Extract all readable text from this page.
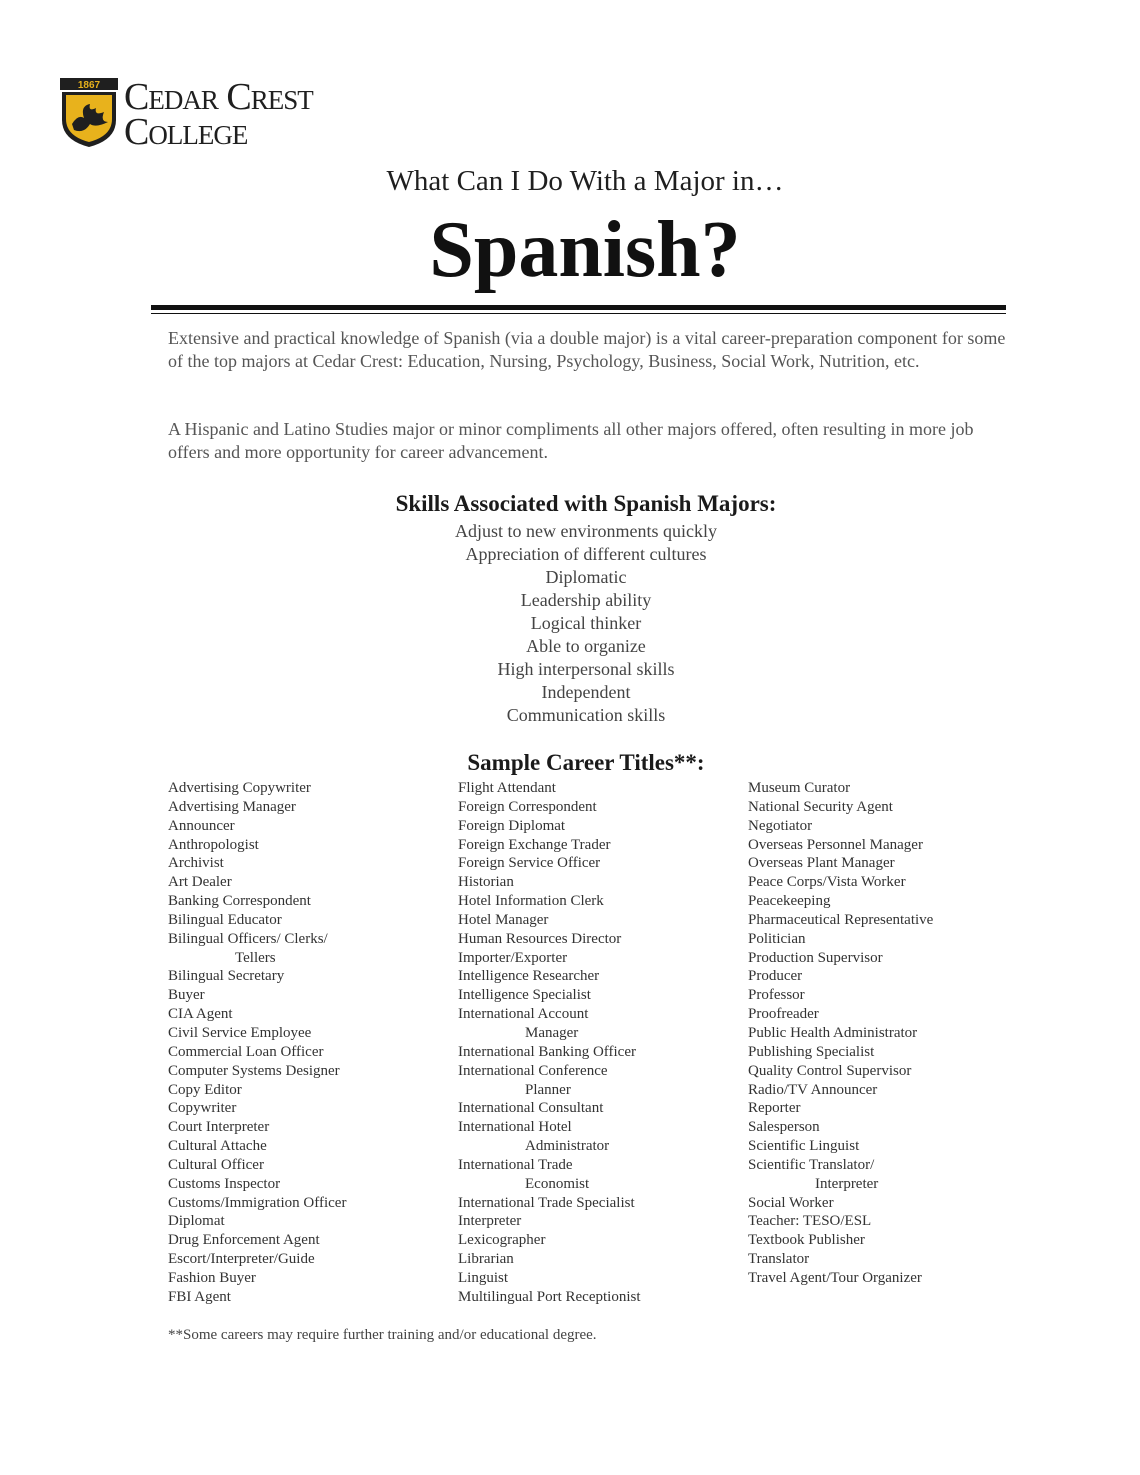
1867 Cedar Crest
College
What Can I Do With a Major in…
Spanish?

Extensive and practical knowledge of Spanish (via a double major) is a vital career-preparation component for some of the top majors at Cedar Crest: Education, Nursing, Psychology, Business, Social Work, Nutrition, etc.

A Hispanic and Latino Studies major or minor compliments all other majors offered, often resulting in more job offers and more opportunity for career advancement.

Skills Associated with Spanish Majors:
Adjust to new environments quickly
Appreciation of different cultures
Diplomatic
Leadership ability
Logical thinker
Able to organize
High interpersonal skills
Independent
Communication skills
Sample Career Titles**:
Advertising Copywriter
Advertising Manager
Announcer
Anthropologist
Archivist
Art Dealer
Banking Correspondent
Bilingual Educator
Bilingual Officers/ Clerks/
Tellers
Bilingual Secretary
Buyer
CIA Agent
Civil Service Employee
Commercial Loan Officer
Computer Systems Designer
Copy Editor
Copywriter
Court Interpreter
Cultural Attache
Cultural Officer
Customs Inspector
Customs/Immigration Officer
Diplomat
Drug Enforcement Agent
Escort/Interpreter/Guide
Fashion Buyer
FBI Agent
Flight Attendant
Foreign Correspondent
Foreign Diplomat
Foreign Exchange Trader
Foreign Service Officer
Historian
Hotel Information Clerk
Hotel Manager
Human Resources Director
Importer/Exporter
Intelligence Researcher
Intelligence Specialist
International Account
Manager
International Banking Officer
International Conference
Planner
International Consultant
International Hotel
Administrator
International Trade
Economist
International Trade Specialist
Interpreter
Lexicographer
Librarian
Linguist
Multilingual Port Receptionist
Museum Curator
National Security Agent
Negotiator
Overseas Personnel Manager
Overseas Plant Manager
Peace Corps/Vista Worker
Peacekeeping
Pharmaceutical Representative
Politician
Production Supervisor
Producer
Professor
Proofreader
Public Health Administrator
Publishing Specialist
Quality Control Supervisor
Radio/TV Announcer
Reporter
Salesperson
Scientific Linguist
Scientific Translator/
Interpreter
Social Worker
Teacher: TESO/ESL
Textbook Publisher
Translator
Travel Agent/Tour Organizer
**Some careers may require further training and/or educational degree.
